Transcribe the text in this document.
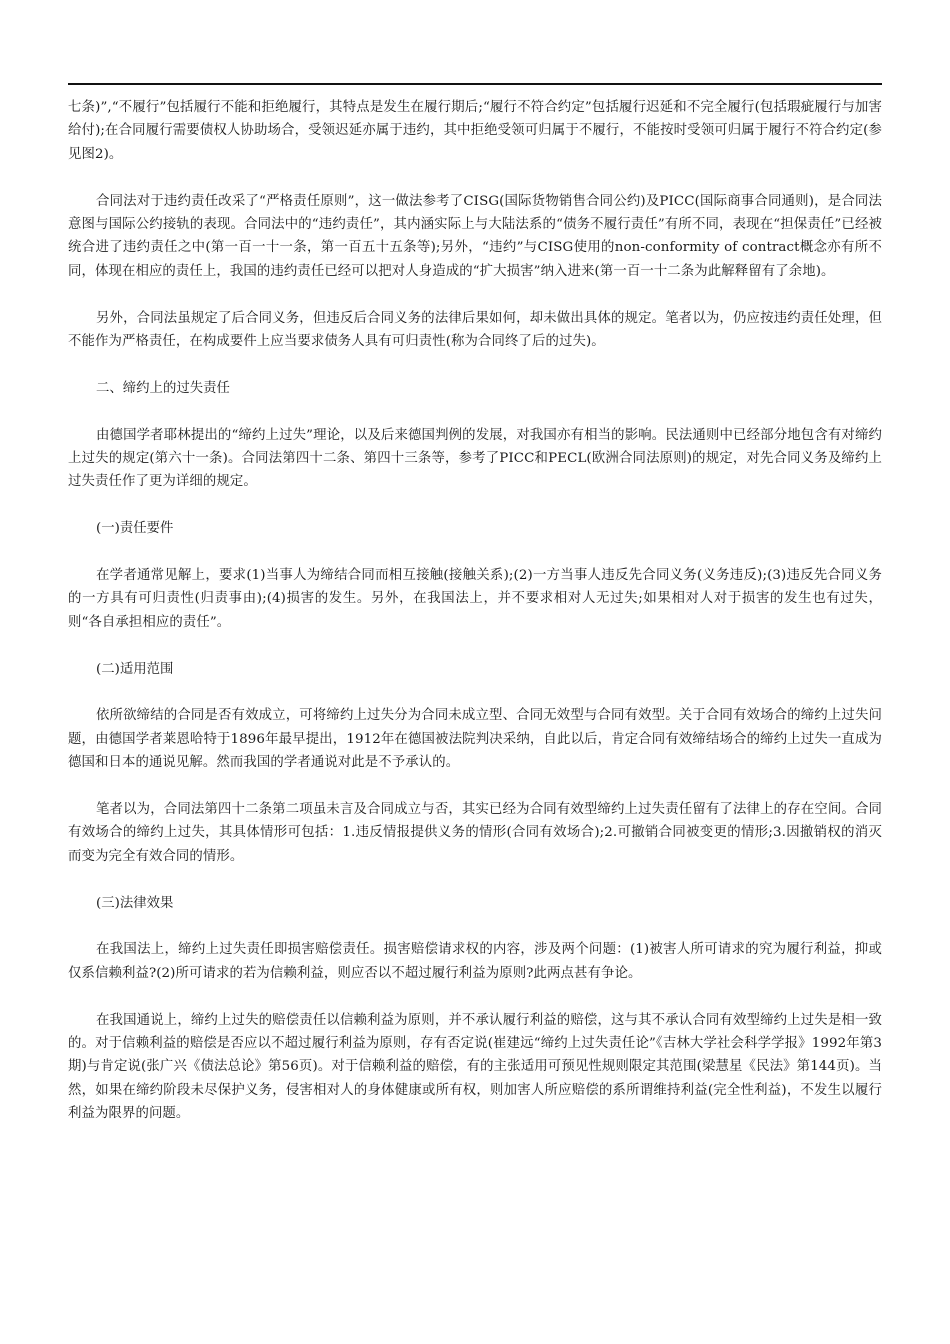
七条)”,“不履行”包括履行不能和拒绝履行，其特点是发生在履行期后;“履行不符合约定”包括履行迟延和不完全履行(包括瑕疵履行与加害给付);在合同履行需要债权人协助场合，受领迟延亦属于违约，其中拒绝受领可归属于不履行，不能按时受领可归属于履行不符合约定(参见图2)。

合同法对于违约责任改采了“严格责任原则”，这一做法参考了CISG(国际货物销售合同公约)及PICC(国际商事合同通则)，是合同法意图与国际公约接轨的表现。合同法中的“违约责任”，其内涵实际上与大陆法系的“债务不履行责任”有所不同，表现在“担保责任”已经被统合进了违约责任之中(第一百一十一条，第一百五十五条等);另外，“违约”与CISG使用的non-conformity of contract概念亦有所不同，体现在相应的责任上，我国的违约责任已经可以把对人身造成的“扩大损害”纳入进来(第一百一十二条为此解释留有了余地)。

另外，合同法虽规定了后合同义务，但违反后合同义务的法律后果如何，却未做出具体的规定。笔者以为，仍应按违约责任处理，但不能作为严格责任，在构成要件上应当要求债务人具有可归责性(称为合同终了后的过失)。

二、缔约上的过失责任

由德国学者耶林提出的“缔约上过失”理论，以及后来德国判例的发展，对我国亦有相当的影响。民法通则中已经部分地包含有对缔约上过失的规定(第六十一条)。合同法第四十二条、第四十三条等，参考了PICC和PECL(欧洲合同法原则)的规定，对先合同义务及缔约上过失责任作了更为详细的规定。

(一)责任要件

在学者通常见解上，要求(1)当事人为缔结合同而相互接触(接触关系);(2)一方当事人违反先合同义务(义务违反);(3)违反先合同义务的一方具有可归责性(归责事由);(4)损害的发生。另外，在我国法上，并不要求相对人无过失;如果相对人对于损害的发生也有过失，则“各自承担相应的责任”。

(二)适用范围

依所欲缔结的合同是否有效成立，可将缔约上过失分为合同未成立型、合同无效型与合同有效型。关于合同有效场合的缔约上过失问题，由德国学者莱恩哈特于1896年最早提出，1912年在德国被法院判决采纳，自此以后，肯定合同有效缔结场合的缔约上过失一直成为德国和日本的通说见解。然而我国的学者通说对此是不予承认的。

笔者以为，合同法第四十二条第二项虽未言及合同成立与否，其实已经为合同有效型缔约上过失责任留有了法律上的存在空间。合同有效场合的缔约上过失，其具体情形可包括：1.违反情报提供义务的情形(合同有效场合);2.可撤销合同被变更的情形;3.因撤销权的消灭而变为完全有效合同的情形。

(三)法律效果

在我国法上，缔约上过失责任即损害赔偿责任。损害赔偿请求权的内容，涉及两个问题：(1)被害人所可请求的究为履行利益，抑或仅系信赖利益?(2)所可请求的若为信赖利益，则应否以不超过履行利益为原则?此两点甚有争论。

在我国通说上，缔约上过失的赔偿责任以信赖利益为原则，并不承认履行利益的赔偿，这与其不承认合同有效型缔约上过失是相一致的。对于信赖利益的赔偿是否应以不超过履行利益为原则，存有否定说(崔建远“缔约上过失责任论”《吉林大学社会科学学报》1992年第3期)与肯定说(张广兴《债法总论》第56页)。对于信赖利益的赔偿，有的主张适用可预见性规则限定其范围(梁慧星《民法》第144页)。当然，如果在缔约阶段未尽保护义务，侵害相对人的身体健康或所有权，则加害人所应赔偿的系所谓维持利益(完全性利益)，不发生以履行利益为限界的问题。
